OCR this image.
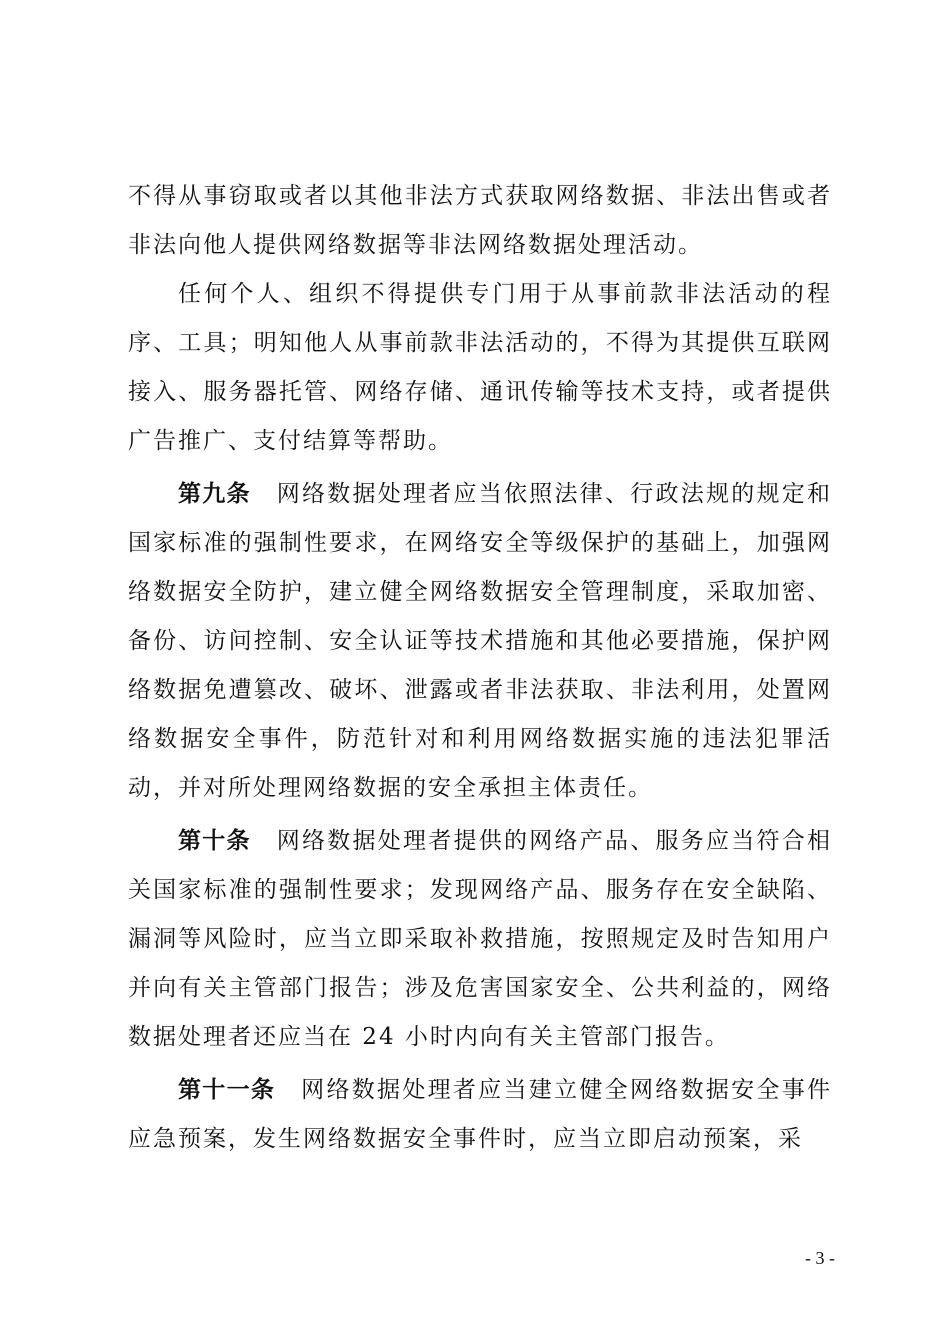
不得从事窃取或者以其他非法方式获取网络数据、非法出售或者非法向他人提供网络数据等非法网络数据处理活动。

任何个人、组织不得提供专门用于从事前款非法活动的程序、工具；明知他人从事前款非法活动的，不得为其提供互联网接入、服务器托管、网络存储、通讯传输等技术支持，或者提供广告推广、支付结算等帮助。

第九条 网络数据处理者应当依照法律、行政法规的规定和国家标准的强制性要求，在网络安全等级保护的基础上，加强网络数据安全防护，建立健全网络数据安全管理制度，采取加密、备份、访问控制、安全认证等技术措施和其他必要措施，保护网络数据免遭篡改、破坏、泄露或者非法获取、非法利用，处置网络数据安全事件，防范针对和利用网络数据实施的违法犯罪活动，并对所处理网络数据的安全承担主体责任。

第十条 网络数据处理者提供的网络产品、服务应当符合相关国家标准的强制性要求；发现网络产品、服务存在安全缺陷、漏洞等风险时，应当立即采取补救措施，按照规定及时告知用户并向有关主管部门报告；涉及危害国家安全、公共利益的，网络数据处理者还应当在 24 小时内向有关主管部门报告。

第十一条 网络数据处理者应当建立健全网络数据安全事件应急预案，发生网络数据安全事件时，应当立即启动预案，采

- 3 -
